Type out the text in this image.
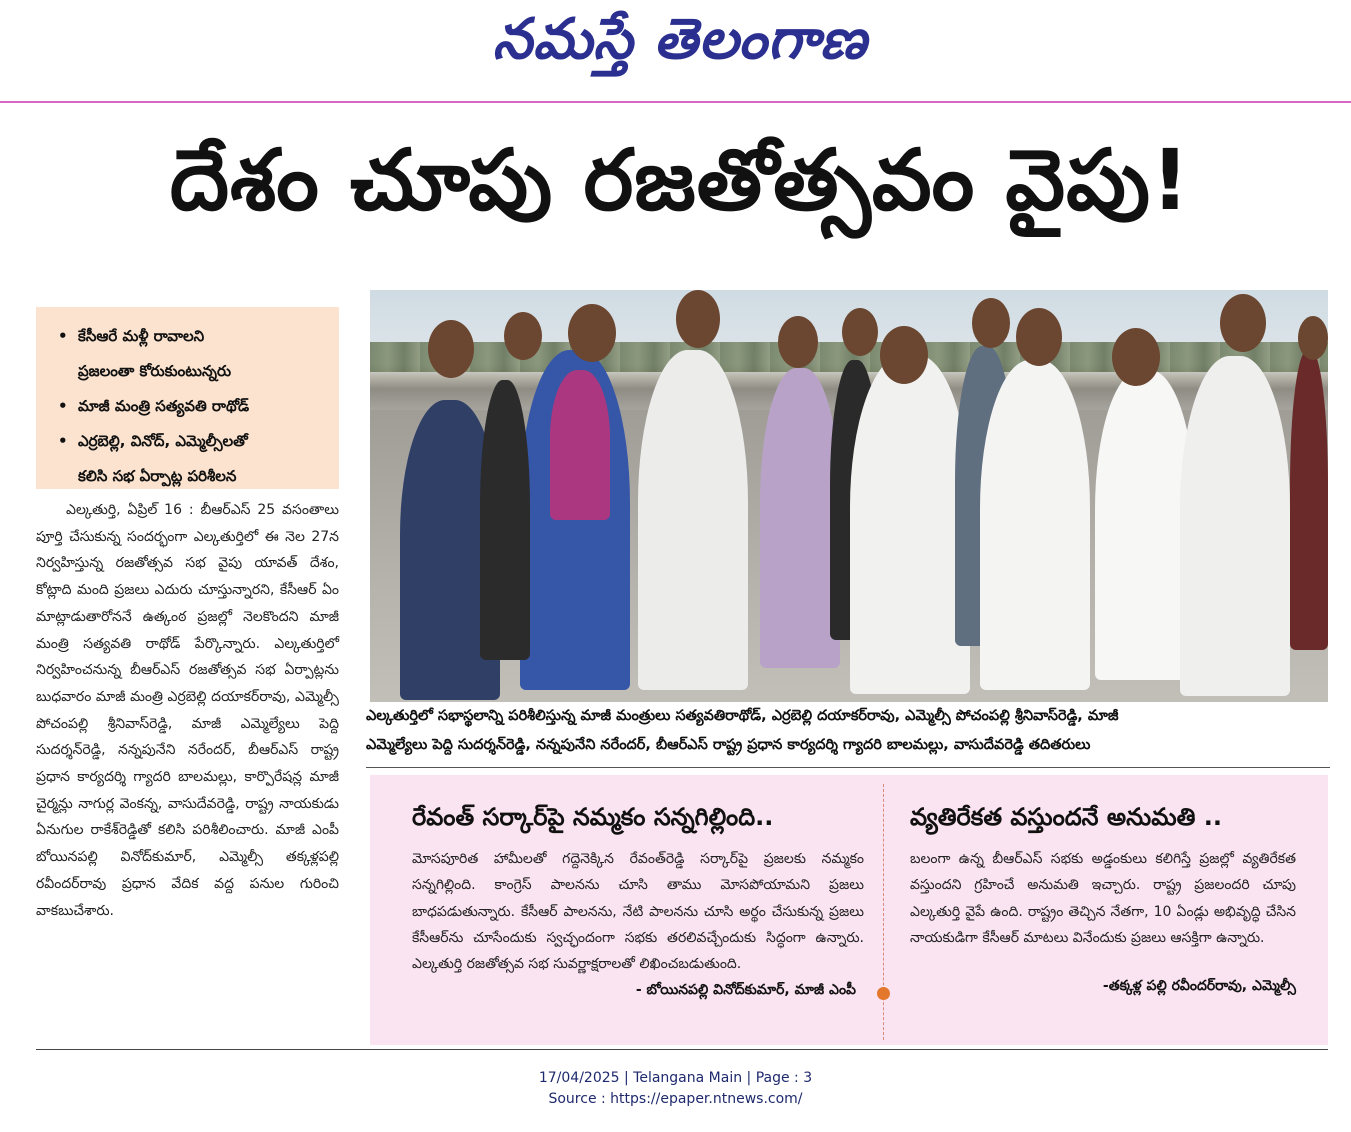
నమస్తే తెలంగాణ
దేశం చూపు రజతోత్సవం వైపు!
• కేసీఆరే మళ్లీ రావాలని
ప్రజలంతా కోరుకుంటున్నరు
• మాజీ మంత్రి సత్యవతి రాథోడ్
• ఎర్రబెల్లి, వినోద్, ఎమ్మెల్సీలతో
కలిసి సభ ఏర్పాట్ల పరిశీలన

ఎల్కతుర్తి, ఏప్రిల్ 16 : బీఆర్‌ఎస్ 25 వసంతాలు పూర్తి చేసుకున్న సందర్భంగా ఎల్కతుర్తిలో ఈ నెల 27న నిర్వహిస్తున్న రజతోత్సవ సభ వైపు యావత్ దేశం, కోట్లాది మంది ప్రజలు ఎదురు చూస్తున్నారని, కేసీఆర్ ఏం మాట్లాడుతారోననే ఉత్కంఠ ప్రజల్లో నెలకొందని మాజీ మంత్రి సత్యవతి రాథోడ్ పేర్కొన్నారు. ఎల్కతుర్తిలో నిర్వహించనున్న బీఆర్‌ఎస్ రజతోత్సవ సభ ఏర్పాట్లను బుధవారం మాజీ మంత్రి ఎర్రబెల్లి దయాకర్‌రావు, ఎమ్మెల్సీ పోచంపల్లి శ్రీనివాస్‌రెడ్డి, మాజీ ఎమ్మెల్యేలు పెద్ది సుదర్శన్‌రెడ్డి, నన్నపునేని నరేందర్, బీఆర్‌ఎస్ రాష్ట్ర ప్రధాన కార్యదర్శి గ్యాదరి బాలమల్లు, కార్పొరేషన్ల మాజీ చైర్మన్లు నాగుర్ల వెంకన్న, వాసుదేవరెడ్డి, రాష్ట్ర నాయకుడు ఏనుగుల రాకేశ్‌రెడ్డితో కలిసి పరిశీలించారు. మాజీ ఎంపీ బోయినపల్లి వినోద్‌కుమార్, ఎమ్మెల్సీ తక్కళ్లపల్లి రవీందర్‌రావు ప్రధాన వేదిక వద్ద పనుల గురించి వాకబుచేశారు.

ఎల్కతుర్తిలో సభాస్థలాన్ని పరిశీలిస్తున్న మాజీ మంత్రులు సత్యవతిరాథోడ్, ఎర్రబెల్లి దయాకర్‌రావు, ఎమ్మెల్సీ పోచంపల్లి శ్రీనివాస్‌రెడ్డి, మాజీ

ఎమ్మెల్యేలు పెద్ది సుదర్శన్‌రెడ్డి, నన్నపునేని నరేందర్, బీఆర్‌ఎస్ రాష్ట్ర ప్రధాన కార్యదర్శి గ్యాదరి బాలమల్లు, వాసుదేవరెడ్డి తదితరులు

రేవంత్ సర్కార్‌పై నమ్మకం సన్నగిల్లింది..
మోసపూరిత హామీలతో గద్దెనెక్కిన రేవంత్‌రెడ్డి సర్కార్‌పై ప్రజలకు నమ్మకం సన్నగిల్లింది. కాంగ్రెస్ పాలనను చూసి తాము మోసపోయామని ప్రజలు బాధపడుతున్నారు. కేసీఆర్ పాలనను, నేటి పాలనను చూసి అర్థం చేసుకున్న ప్రజలు కేసీఆర్‌ను చూసేందుకు స్వచ్ఛందంగా సభకు తరలివచ్చేందుకు సిద్ధంగా ఉన్నారు. ఎల్కతుర్తి రజతోత్సవ సభ సువర్ణాక్షరాలతో లిఖించబడుతుంది.
- బోయినపల్లి వినోద్‌కుమార్, మాజీ ఎంపీ
వ్యతిరేకత వస్తుందనే అనుమతి ..
బలంగా ఉన్న బీఆర్‌ఎస్ సభకు అడ్డంకులు కలిగిస్తే ప్రజల్లో వ్యతిరేకత వస్తుందని గ్రహించే అనుమతి ఇచ్చారు. రాష్ట్ర ప్రజలందరి చూపు ఎల్కతుర్తి వైపే ఉంది. రాష్ట్రం తెచ్చిన నేతగా, 10 ఏండ్లు అభివృద్ధి చేసిన నాయకుడిగా కేసీఆర్ మాటలు వినేందుకు ప్రజలు ఆసక్తిగా ఉన్నారు.
-తక్కళ్ల పల్లి రవీందర్‌రావు, ఎమ్మెల్సీ
17/04/2025 | Telangana Main | Page : 3
Source : https://epaper.ntnews.com/
